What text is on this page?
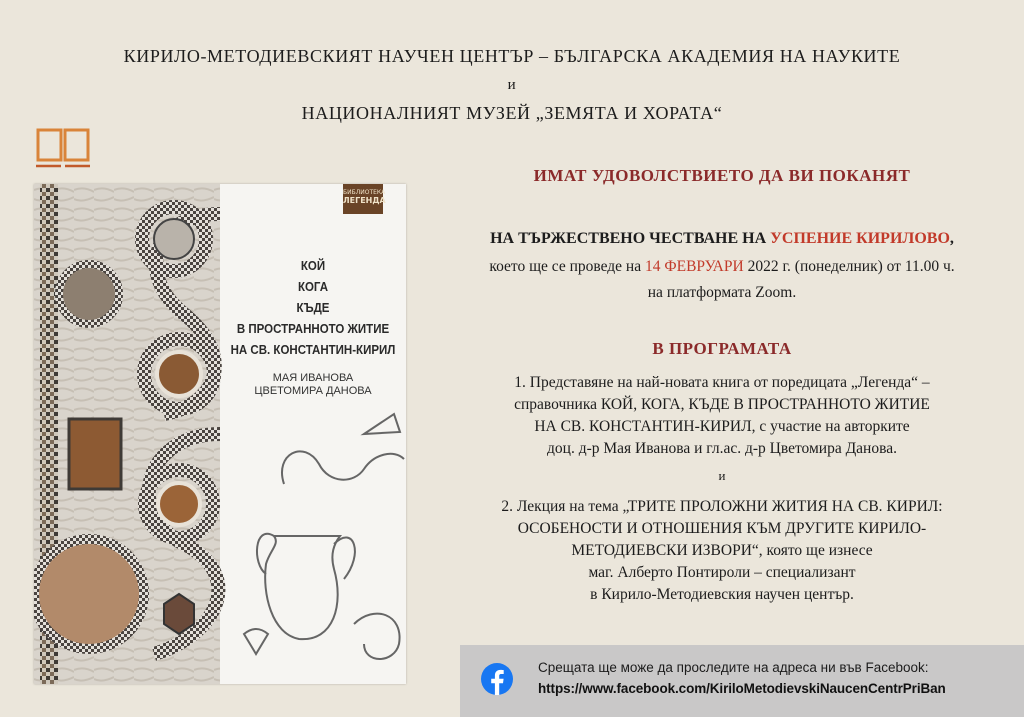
КИРИЛО-МЕТОДИЕВСКИЯТ НАУЧЕН ЦЕНТЪР – БЪЛГАРСКА АКАДЕМИЯ НА НАУКИТЕ
и
НАЦИОНАЛНИЯТ МУЗЕЙ „ЗЕМЯТА И ХОРАТА“
БИБЛИОТЕКА
ЛЕГЕНДА
КОЙ
КОГА
КЪДЕ
В ПРОСТРАННОТО ЖИТИЕ
НА СВ. КОНСТАНТИН-КИРИЛ
МАЯ ИВАНОВА
ЦВЕТОМИРА ДАНОВА
ИМАТ УДОВОЛСТВИЕТО ДА ВИ ПОКАНЯТ
НА ТЪРЖЕСТВЕНО ЧЕСТВАНЕ НА УСПЕНИЕ КИРИЛОВО,
което ще се проведе на 14 ФЕВРУАРИ 2022 г. (понеделник) от 11.00 ч.
на платформата Zoom.
В ПРОГРАМАТА
1. Представяне на най-новата книга от поредицата „Легенда“ –
справочника КОЙ, КОГА, КЪДЕ В ПРОСТРАННОТО ЖИТИЕ
НА СВ. КОНСТАНТИН-КИРИЛ, с участие на авторките
доц. д-р Мая Иванова и гл.ас. д-р Цветомира Данова.
и
2. Лекция на тема „ТРИТЕ ПРОЛОЖНИ ЖИТИЯ НА СВ. КИРИЛ:
ОСОБЕНОСТИ И ОТНОШЕНИЯ КЪМ ДРУГИТЕ КИРИЛО-
МЕТОДИЕВСКИ ИЗВОРИ“, която ще изнесе
маг. Алберто Понтироли – специализант
в Кирило-Методиевския научен център.
Срещата ще може да проследите на адреса ни във Facebook:
https://www.facebook.com/KiriloMetodievskiNaucenCentrPriBan
